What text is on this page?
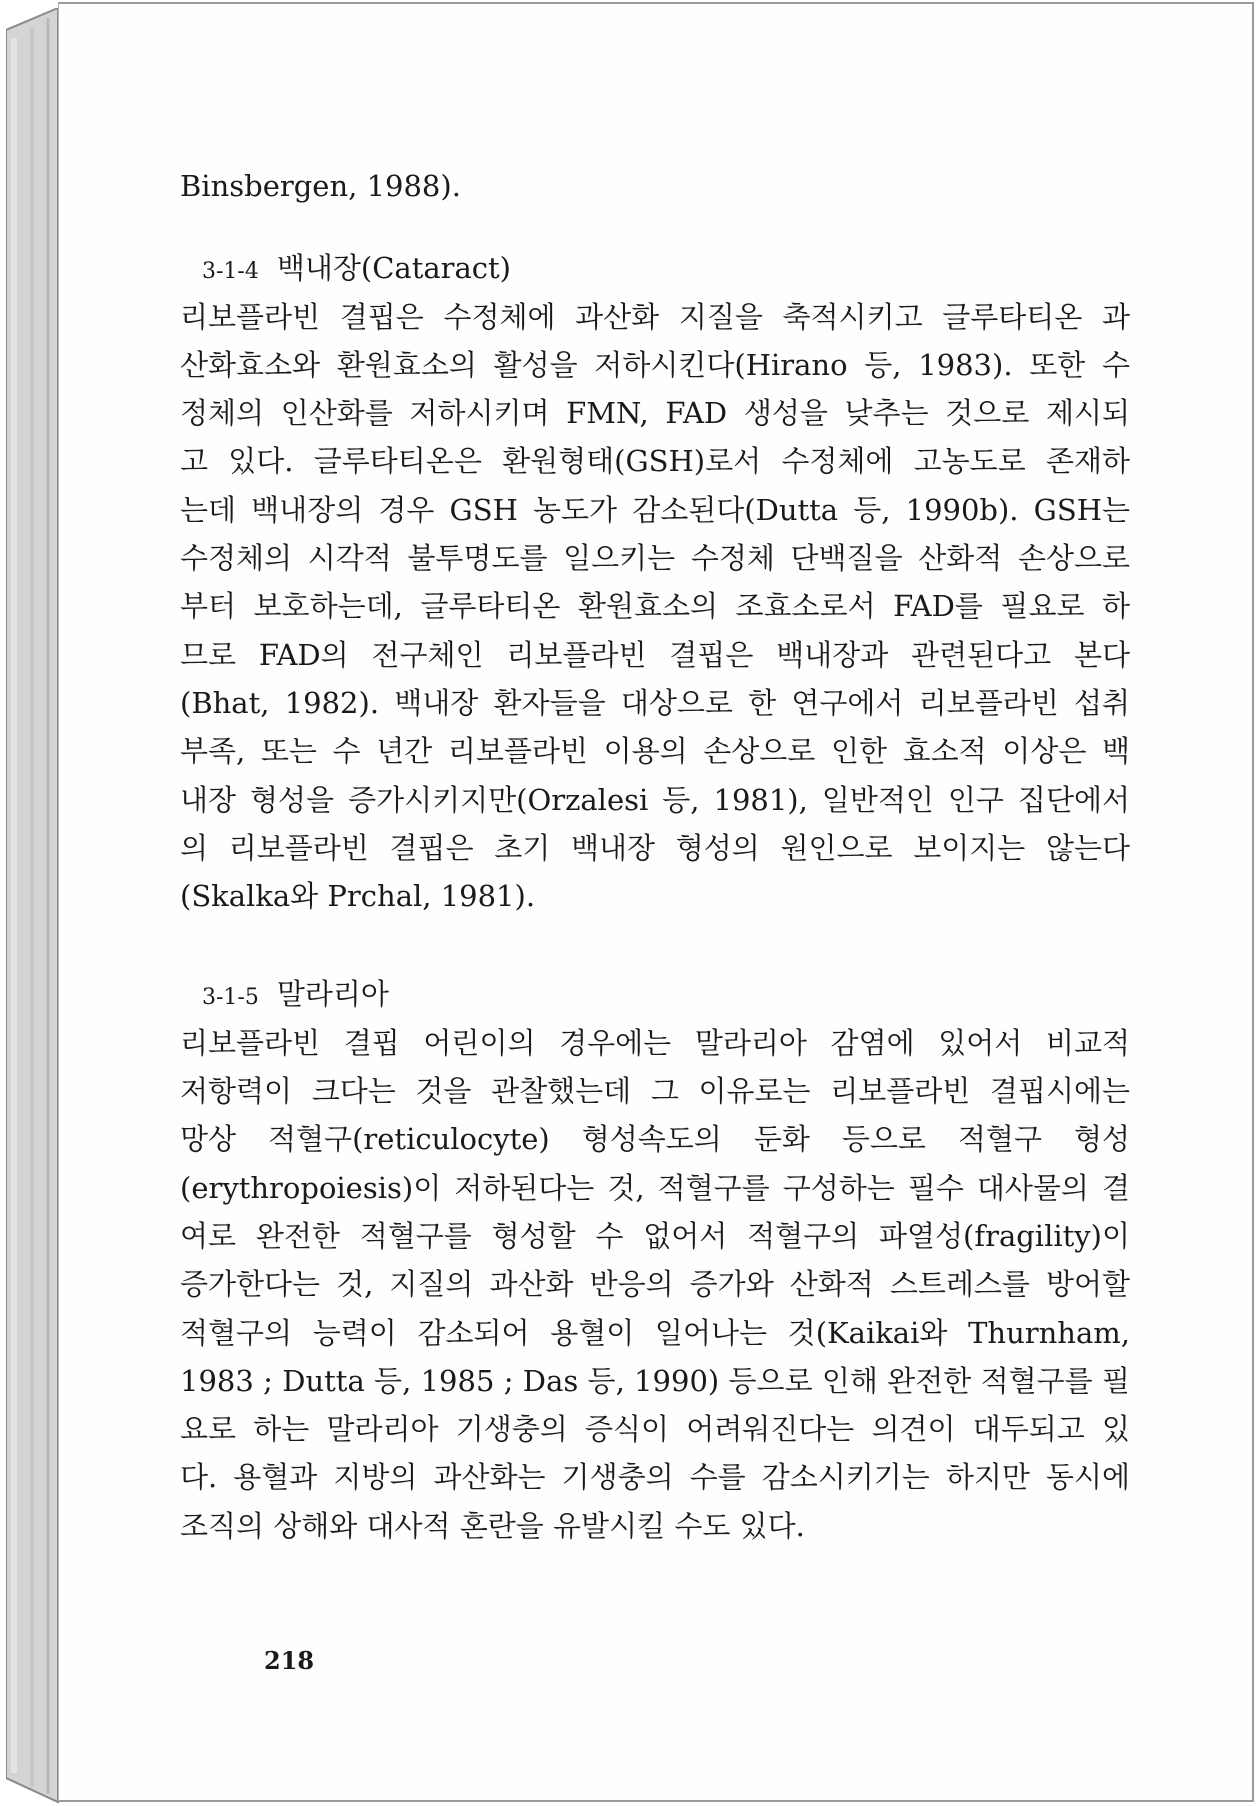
Binsbergen, 1988).
3-1-4 백내장(Cataract)
리보플라빈 결핍은 수정체에 과산화 지질을 축적시키고 글루타티온 과
산화효소와 환원효소의 활성을 저하시킨다(Hirano 등, 1983). 또한 수
정체의 인산화를 저하시키며 FMN, FAD 생성을 낮추는 것으로 제시되
고 있다. 글루타티온은 환원형태(GSH)로서 수정체에 고농도로 존재하
는데 백내장의 경우 GSH 농도가 감소된다(Dutta 등, 1990b). GSH는
수정체의 시각적 불투명도를 일으키는 수정체 단백질을 산화적 손상으로
부터 보호하는데, 글루타티온 환원효소의 조효소로서 FAD를 필요로 하
므로 FAD의 전구체인 리보플라빈 결핍은 백내장과 관련된다고 본다
(Bhat, 1982). 백내장 환자들을 대상으로 한 연구에서 리보플라빈 섭취
부족, 또는 수 년간 리보플라빈 이용의 손상으로 인한 효소적 이상은 백
내장 형성을 증가시키지만(Orzalesi 등, 1981), 일반적인 인구 집단에서
의 리보플라빈 결핍은 초기 백내장 형성의 원인으로 보이지는 않는다
(Skalka와 Prchal, 1981).
3-1-5 말라리아
리보플라빈 결핍 어린이의 경우에는 말라리아 감염에 있어서 비교적
저항력이 크다는 것을 관찰했는데 그 이유로는 리보플라빈 결핍시에는
망상 적혈구(reticulocyte) 형성속도의 둔화 등으로 적혈구 형성
(erythropoiesis)이 저하된다는 것, 적혈구를 구성하는 필수 대사물의 결
여로 완전한 적혈구를 형성할 수 없어서 적혈구의 파열성(fragility)이
증가한다는 것, 지질의 과산화 반응의 증가와 산화적 스트레스를 방어할
적혈구의 능력이 감소되어 용혈이 일어나는 것(Kaikai와 Thurnham,
1983 ; Dutta 등, 1985 ; Das 등, 1990) 등으로 인해 완전한 적혈구를 필
요로 하는 말라리아 기생충의 증식이 어려워진다는 의견이 대두되고 있
다. 용혈과 지방의 과산화는 기생충의 수를 감소시키기는 하지만 동시에
조직의 상해와 대사적 혼란을 유발시킬 수도 있다.
218
